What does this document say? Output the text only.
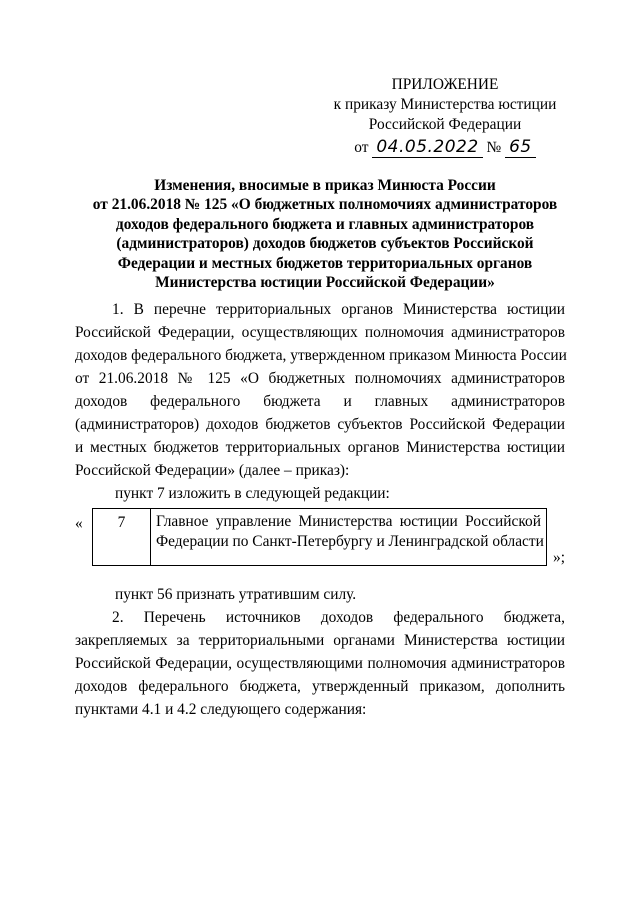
ПРИЛОЖЕНИЕ
к приказу Министерства юстиции
Российской Федерации
от 04.05.2022 № 65
Изменения, вносимые в приказ Минюста России
от 21.06.2018 № 125 «О бюджетных полномочиях администраторов
доходов федерального бюджета и главных администраторов
(администраторов) доходов бюджетов субъектов Российской
Федерации и местных бюджетов территориальных органов
Министерства юстиции Российской Федерации»
1. В перечне территориальных органов Министерства юстиции
Российской Федерации, осуществляющих полномочия администраторов
доходов федерального бюджета, утвержденном приказом Минюста России
от 21.06.2018 № 125 «О бюджетных полномочиях администраторов
доходов федерального бюджета и главных администраторов
(администраторов) доходов бюджетов субъектов Российской Федерации
и местных бюджетов территориальных органов Министерства юстиции
Российской Федерации» (далее – приказ):
пункт 7 изложить в следующей редакции:
« 7	Главное управление Министерства юстиции Российской
Федерации по Санкт-Петербургу и Ленинградской области
»;
пункт 56 признать утратившим силу.
2. Перечень источников доходов федерального бюджета,
закрепляемых за территориальными органами Министерства юстиции
Российской Федерации, осуществляющими полномочия администраторов
доходов федерального бюджета, утвержденный приказом, дополнить
пунктами 4.1 и 4.2 следующего содержания:
